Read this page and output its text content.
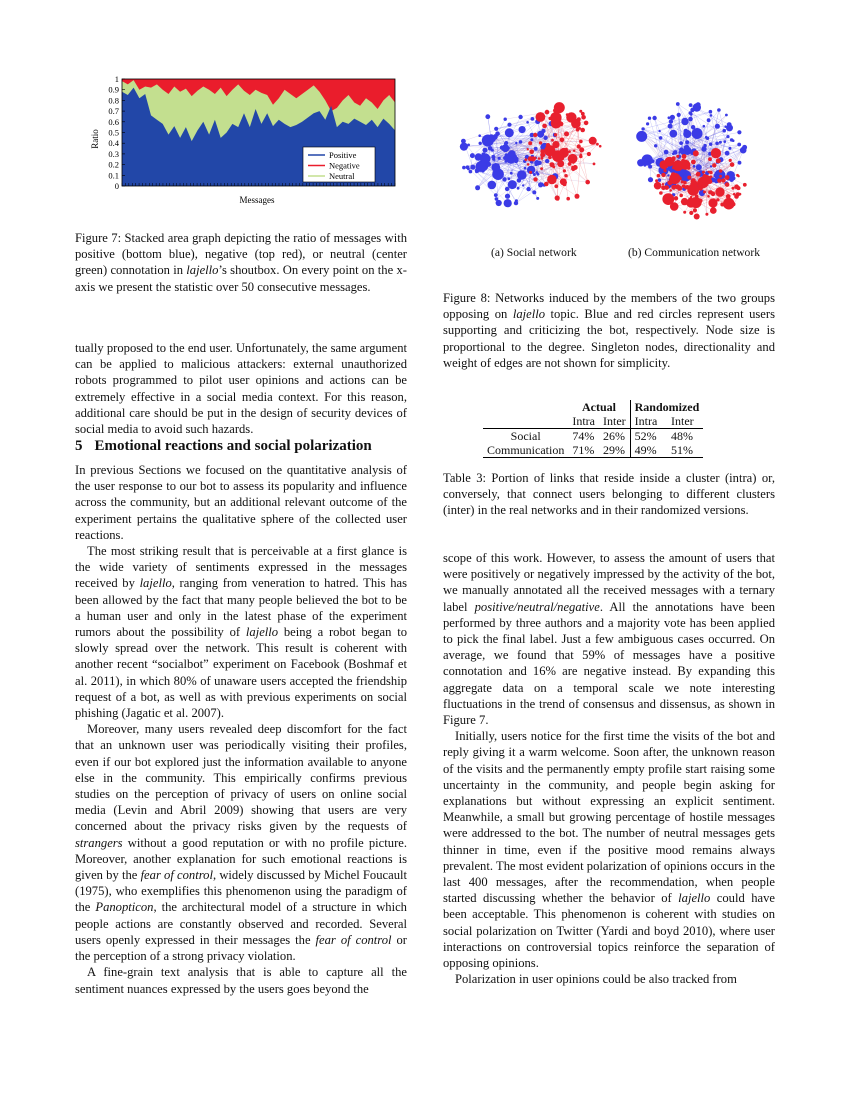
Ratio
Messages
0
0.1
0.2
0.3
0.4
0.5
0.6
0.7
0.8
0.9
1
Positive
Negative
Neutral

Figure 7: Stacked area graph depicting the ratio of messages with positive (bottom blue), negative (top red), or neutral (center green) connotation in lajello’s shoutbox. On every point on the x-axis we present the statistic over 50 consecutive messages.

tually proposed to the end user. Unfortunately, the same argument can be applied to malicious attackers: external unauthorized robots programmed to pilot user opinions and actions can be extremely effective in a social media context. For this reason, additional care should be put in the design of security devices of social media to avoid such hazards.

5 Emotional reactions and social polarization

In previous Sections we focused on the quantitative analysis of the user response to our bot to assess its popularity and influence across the community, but an additional relevant outcome of the experiment pertains the qualitative sphere of the collected user reactions.

The most striking result that is perceivable at a first glance is the wide variety of sentiments expressed in the messages received by lajello, ranging from veneration to hatred. This has been allowed by the fact that many people believed the bot to be a human user and only in the latest phase of the experiment rumors about the possibility of lajello being a robot began to slowly spread over the network. This result is coherent with another recent “socialbot” experiment on Facebook (Boshmaf et al. 2011), in which 80% of unaware users accepted the friendship request of a bot, as well as with previous experiments on social phishing (Jagatic et al. 2007).

Moreover, many users revealed deep discomfort for the fact that an unknown user was periodically visiting their profiles, even if our bot explored just the information available to anyone else in the community. This empirically confirms previous studies on the perception of privacy of users on online social media (Levin and Abril 2009) showing that users are very concerned about the privacy risks given by the requests of strangers without a good reputation or with no profile picture. Moreover, another explanation for such emotional reactions is given by the fear of control, widely discussed by Michel Foucault (1975), who exemplifies this phenomenon using the paradigm of the Panopticon, the architectural model of a structure in which people actions are constantly observed and recorded. Several users openly expressed in their messages the fear of control or the perception of a strong privacy violation.

A fine-grain text analysis that is able to capture all the sentiment nuances expressed by the users goes beyond the

(a) Social network	(b) Communication network

Figure 8: Networks induced by the members of the two groups opposing on lajello topic. Blue and red circles represent users supporting and criticizing the bot, respectively. Node size is proportional to the degree. Singleton nodes, directionality and weight of edges are not shown for simplicity.

	Actual		Randomized	
	Intra	Inter	Intra	Inter
Social	74%	26%	52%	48%
Communication	71%	29%	49%	51%

Table 3: Portion of links that reside inside a cluster (intra) or, conversely, that connect users belonging to different clusters (inter) in the real networks and in their randomized versions.

scope of this work. However, to assess the amount of users that were positively or negatively impressed by the activity of the bot, we manually annotated all the received messages with a ternary label positive/neutral/negative. All the annotations have been performed by three authors and a majority vote has been applied to pick the final label. Just a few ambiguous cases occurred. On average, we found that 59% of messages have a positive connotation and 16% are negative instead. By expanding this aggregate data on a temporal scale we note interesting fluctuations in the trend of consensus and dissensus, as shown in Figure 7.

Initially, users notice for the first time the visits of the bot and reply giving it a warm welcome. Soon after, the unknown reason of the visits and the permanently empty profile start raising some uncertainty in the community, and people begin asking for explanations but without expressing an explicit sentiment. Meanwhile, a small but growing percentage of hostile messages were addressed to the bot. The number of neutral messages gets thinner in time, even if the positive mood remains always prevalent. The most evident polarization of opinions occurs in the last 400 messages, after the recommendation, when people started discussing whether the behavior of lajello could have been acceptable. This phenomenon is coherent with studies on social polarization on Twitter (Yardi and boyd 2010), where user interactions on controversial topics reinforce the separation of opposing opinions.

Polarization in user opinions could be also tracked from
